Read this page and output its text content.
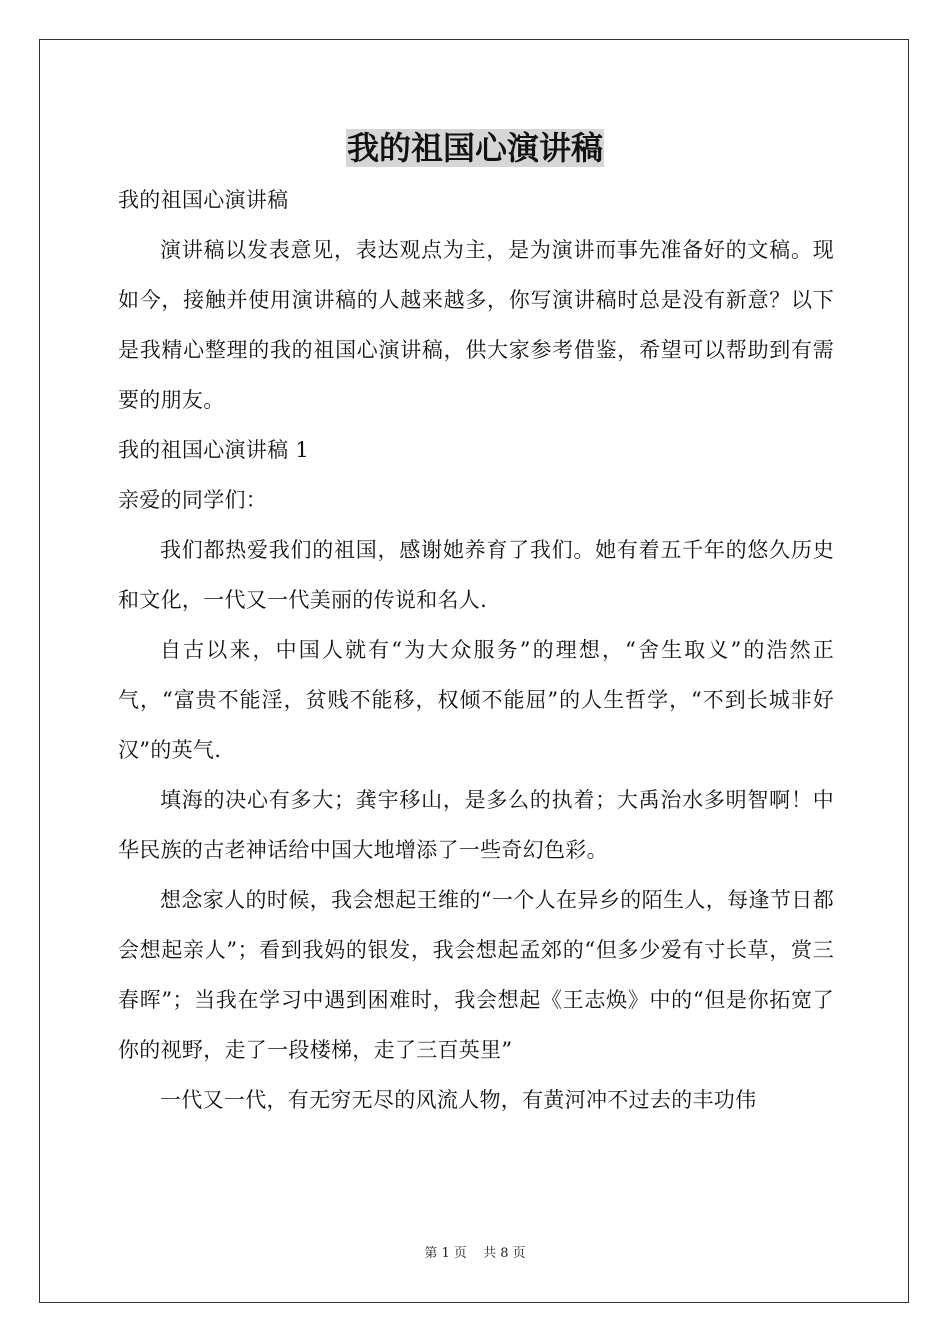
我的祖国心演讲稿

我的祖国心演讲稿

演讲稿以发表意见，表达观点为主，是为演讲而事先准备好的文稿。现如今，接触并使用演讲稿的人越来越多，你写演讲稿时总是没有新意？以下是我精心整理的我的祖国心演讲稿，供大家参考借鉴，希望可以帮助到有需要的朋友。

我的祖国心演讲稿 1

亲爱的同学们：

我们都热爱我们的祖国，感谢她养育了我们。她有着五千年的悠久历史和文化，一代又一代美丽的传说和名人.

自古以来，中国人就有“为大众服务”的理想，“舍生取义”的浩然正气，“富贵不能淫，贫贱不能移，权倾不能屈”的人生哲学，“不到长城非好汉”的英气.

填海的决心有多大；龚宇移山，是多么的执着；大禹治水多明智啊！中华民族的古老神话给中国大地增添了一些奇幻色彩。

想念家人的时候，我会想起王维的“一个人在异乡的陌生人，每逢节日都会想起亲人”；看到我妈的银发，我会想起孟郊的“但多少爱有寸长草，赏三春晖”；当我在学习中遇到困难时，我会想起《王志焕》中的“但是你拓宽了你的视野，走了一段楼梯，走了三百英里”

一代又一代，有无穷无尽的风流人物，有黄河冲不过去的丰功伟

第 1 页 共 8 页
